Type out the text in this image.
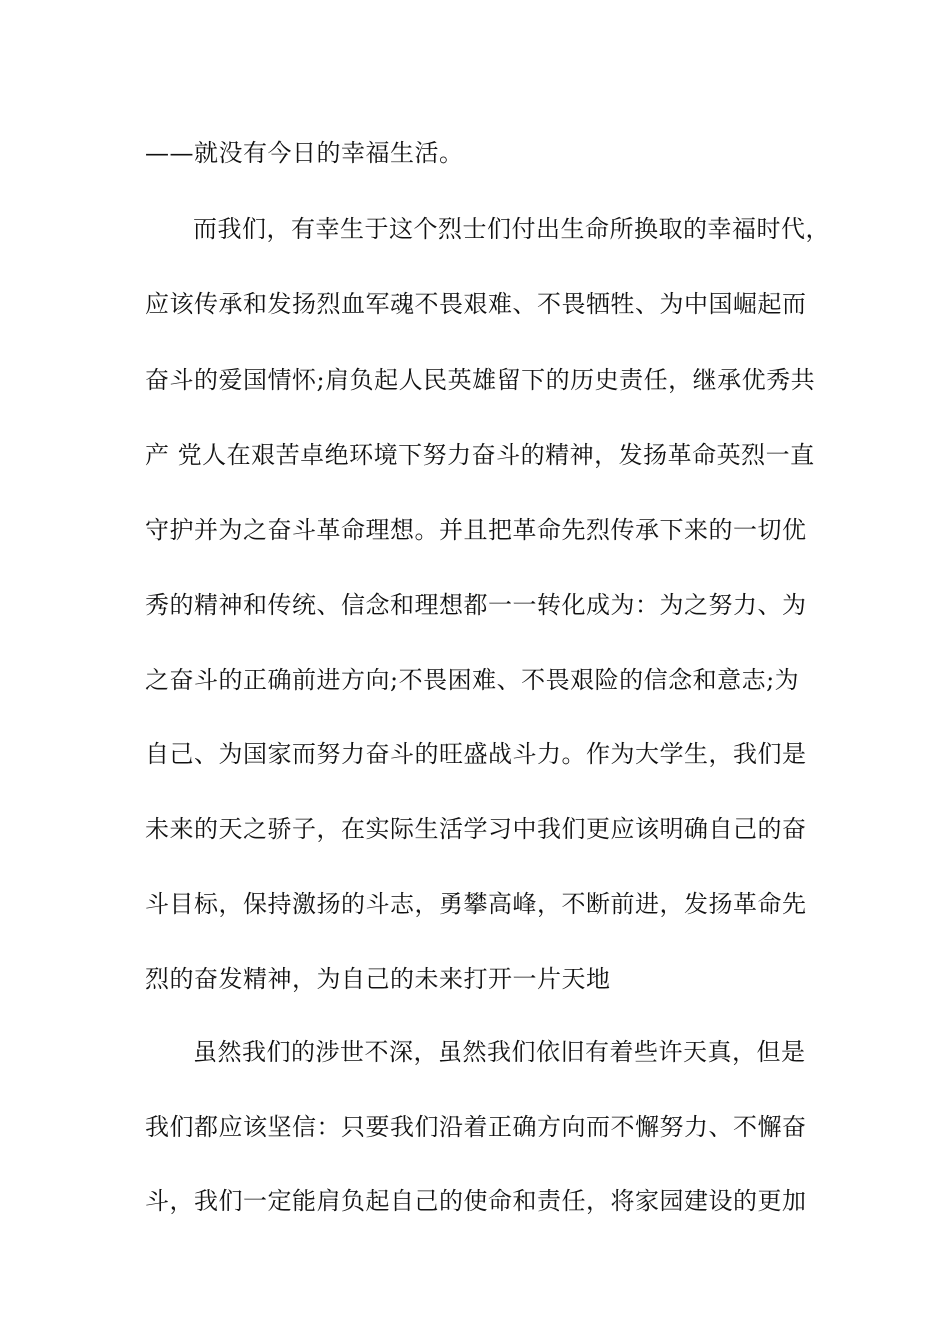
——就没有今日的幸福生活。
而我们，有幸生于这个烈士们付出生命所换取的幸福时代，
应该传承和发扬烈血军魂不畏艰难、不畏牺牲、为中国崛起而
奋斗的爱国情怀;肩负起人民英雄留下的历史责任，继承优秀共
产 党人在艰苦卓绝环境下努力奋斗的精神，发扬革命英烈一直
守护并为之奋斗革命理想。并且把革命先烈传承下来的一切优
秀的精神和传统、信念和理想都一一转化成为：为之努力、为
之奋斗的正确前进方向;不畏困难、不畏艰险的信念和意志;为
自己、为国家而努力奋斗的旺盛战斗力。作为大学生，我们是
未来的天之骄子，在实际生活学习中我们更应该明确自己的奋
斗目标，保持激扬的斗志，勇攀高峰，不断前进，发扬革命先
烈的奋发精神，为自己的未来打开一片天地
虽然我们的涉世不深，虽然我们依旧有着些许天真，但是
我们都应该坚信：只要我们沿着正确方向而不懈努力、不懈奋
斗，我们一定能肩负起自己的使命和责任，将家园建设的更加
